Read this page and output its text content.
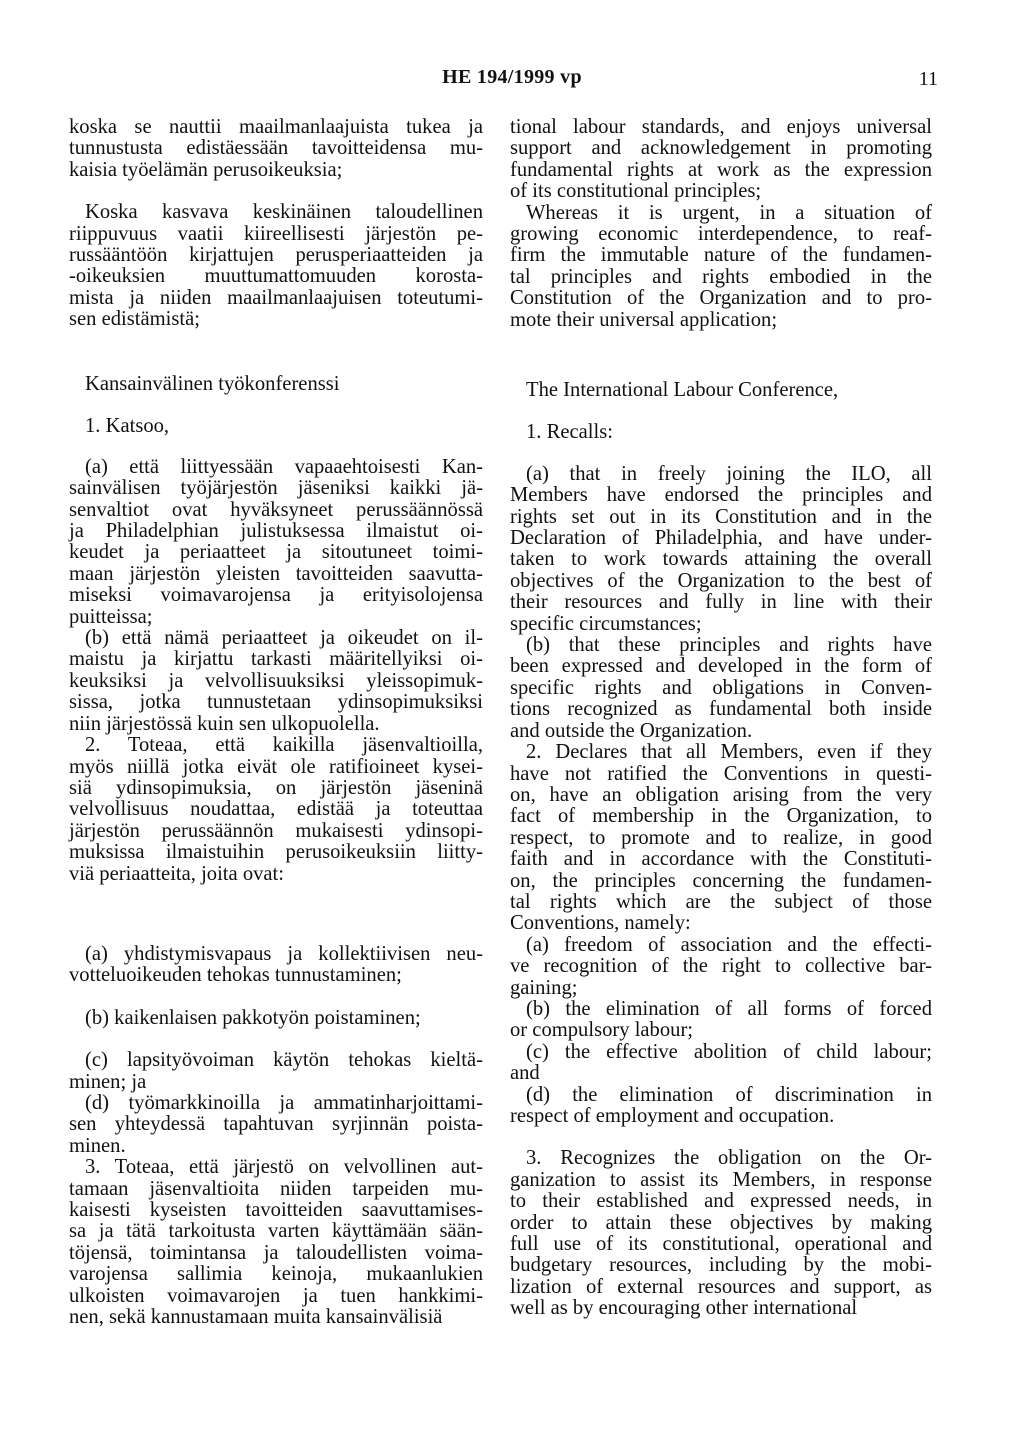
HE 194/1999 vp	11
koska se nauttii maailmanlaajuista tukea ja
tunnustusta edistäessään tavoitteidensa mu-
kaisia työelämän perusoikeuksia;
Koska kasvava keskinäinen taloudellinen
riippuvuus vaatii kiireellisesti järjestön pe-
russääntöön kirjattujen perusperiaatteiden ja
-oikeuksien muuttumattomuuden korosta-
mista ja niiden maailmanlaajuisen toteutumi-
sen edistämistä;
Kansainvälinen työkonferenssi
1. Katsoo,
(a) että liittyessään vapaaehtoisesti Kan-
sainvälisen työjärjestön jäseniksi kaikki jä-
senvaltiot ovat hyväksyneet perussäännössä
ja Philadelphian julistuksessa ilmaistut oi-
keudet ja periaatteet ja sitoutuneet toimi-
maan järjestön yleisten tavoitteiden saavutta-
miseksi voimavarojensa ja erityisolojensa
puitteissa;
(b) että nämä periaatteet ja oikeudet on il-
maistu ja kirjattu tarkasti määritellyiksi oi-
keuksiksi ja velvollisuuksiksi yleissopimuk-
sissa, jotka tunnustetaan ydinsopimuksiksi
niin järjestössä kuin sen ulkopuolella.
2. Toteaa, että kaikilla jäsenvaltioilla,
myös niillä jotka eivät ole ratifioineet kysei-
siä ydinsopimuksia, on järjestön jäseninä
velvollisuus noudattaa, edistää ja toteuttaa
järjestön perussäännön mukaisesti ydinsopi-
muksissa ilmaistuihin perusoikeuksiin liitty-
viä periaatteita, joita ovat:
(a) yhdistymisvapaus ja kollektiivisen neu-
votteluoikeuden tehokas tunnustaminen;
(b) kaikenlaisen pakkotyön poistaminen;
(c) lapsityövoiman käytön tehokas kieltä-
minen; ja
(d) työmarkkinoilla ja ammatinharjoittami-
sen yhteydessä tapahtuvan syrjinnän poista-
minen.
3. Toteaa, että järjestö on velvollinen aut-
tamaan jäsenvaltioita niiden tarpeiden mu-
kaisesti kyseisten tavoitteiden saavuttamises-
sa ja tätä tarkoitusta varten käyttämään sään-
töjensä, toimintansa ja taloudellisten voima-
varojensa sallimia keinoja, mukaanlukien
ulkoisten voimavarojen ja tuen hankkimi-
nen, sekä kannustamaan muita kansainvälisiä
tional labour standards, and enjoys universal
support and acknowledgement in promoting
fundamental rights at work as the expression
of its constitutional principles;
Whereas it is urgent, in a situation of
growing economic interdependence, to reaf-
firm the immutable nature of the fundamen-
tal principles and rights embodied in the
Constitution of the Organization and to pro-
mote their universal application;
The International Labour Conference,
1. Recalls:
(a) that in freely joining the ILO, all
Members have endorsed the principles and
rights set out in its Constitution and in the
Declaration of Philadelphia, and have under-
taken to work towards attaining the overall
objectives of the Organization to the best of
their resources and fully in line with their
specific circumstances;
(b) that these principles and rights have
been expressed and developed in the form of
specific rights and obligations in Conven-
tions recognized as fundamental both inside
and outside the Organization.
2. Declares that all Members, even if they
have not ratified the Conventions in questi-
on, have an obligation arising from the very
fact of membership in the Organization, to
respect, to promote and to realize, in good
faith and in accordance with the Constituti-
on, the principles concerning the fundamen-
tal rights which are the subject of those
Conventions, namely:
(a) freedom of association and the effecti-
ve recognition of the right to collective bar-
gaining;
(b) the elimination of all forms of forced
or compulsory labour;
(c) the effective abolition of child labour;
and
(d) the elimination of discrimination in
respect of employment and occupation.
3. Recognizes the obligation on the Or-
ganization to assist its Members, in response
to their established and expressed needs, in
order to attain these objectives by making
full use of its constitutional, operational and
budgetary resources, including by the mobi-
lization of external resources and support, as
well as by encouraging other international
